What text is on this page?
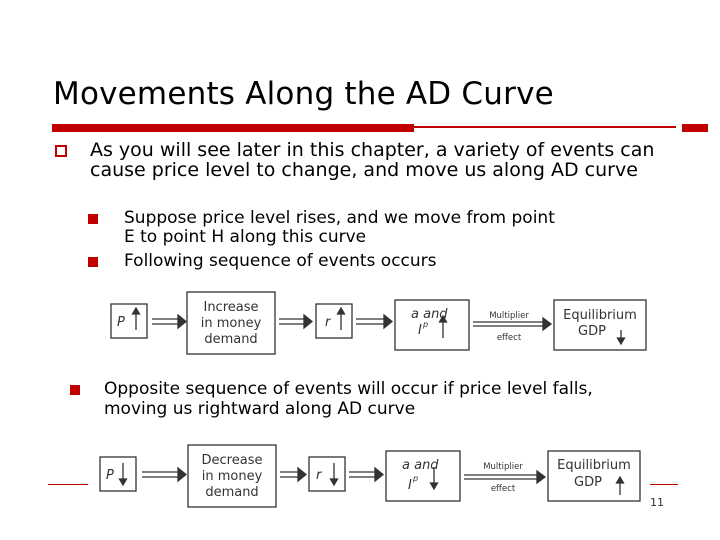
Movements Along the AD Curve
As you will see later in this chapter, a variety of events can cause price level to change, and move us along AD curve
Suppose price level rises, and we move from point
E to point H along this curve
Following sequence of events occurs
P
Increase
in money
demand
r
a and
I p
Multiplier
effect
Equilibrium
GDP
Opposite sequence of events will occur if price level falls,
moving us rightward along AD curve
P
Decrease
in money
demand
r
a and
I p
Multiplier
effect
Equilibrium
GDP
11
